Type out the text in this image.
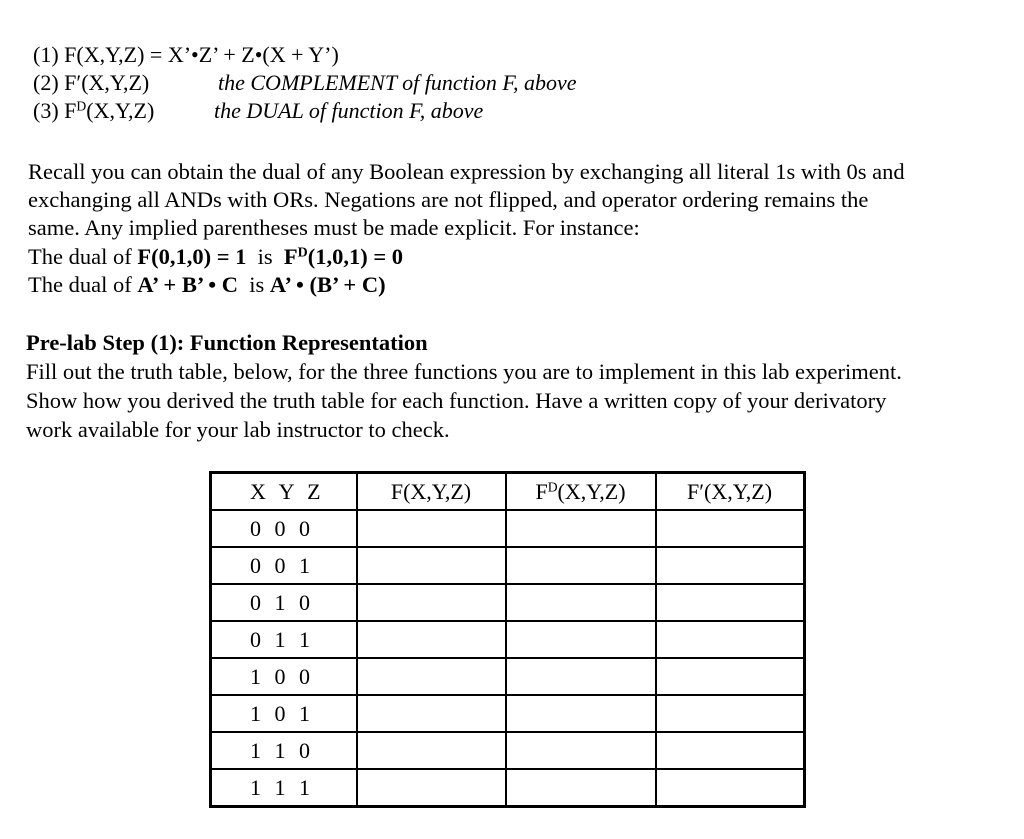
(1) F(X,Y,Z) = X’•Z’ + Z•(X + Y’)
(2) F′(X,Y,Z)	the COMPLEMENT of function F, above
(3) $F^D(X,Y,Z)$	the DUAL of function F, above
Recall you can obtain the dual of any Boolean expression by exchanging all literal 1s with 0s and
exchanging all ANDs with ORs. Negations are not flipped, and operator ordering remains the
same. Any implied parentheses must be made explicit. For instance:
The dual of F(0,1,0) = 1  is  $F^D(1,0,1) = 0$
The dual of A’ + B’ • C  is A’ • (B’ + C)
Pre-lab Step (1): Function Representation
Fill out the truth table, below, for the three functions you are to implement in this lab experiment.
Show how you derived the truth table for each function. Have a written copy of your derivatory
work available for your lab instructor to check.
X Y Z	F(X,Y,Z)	$F^D(X,Y,Z)$	F′(X,Y,Z)
0 0 0			
0 0 1			
0 1 0			
0 1 1			
1 0 0			
1 0 1			
1 1 0			
1 1 1			
